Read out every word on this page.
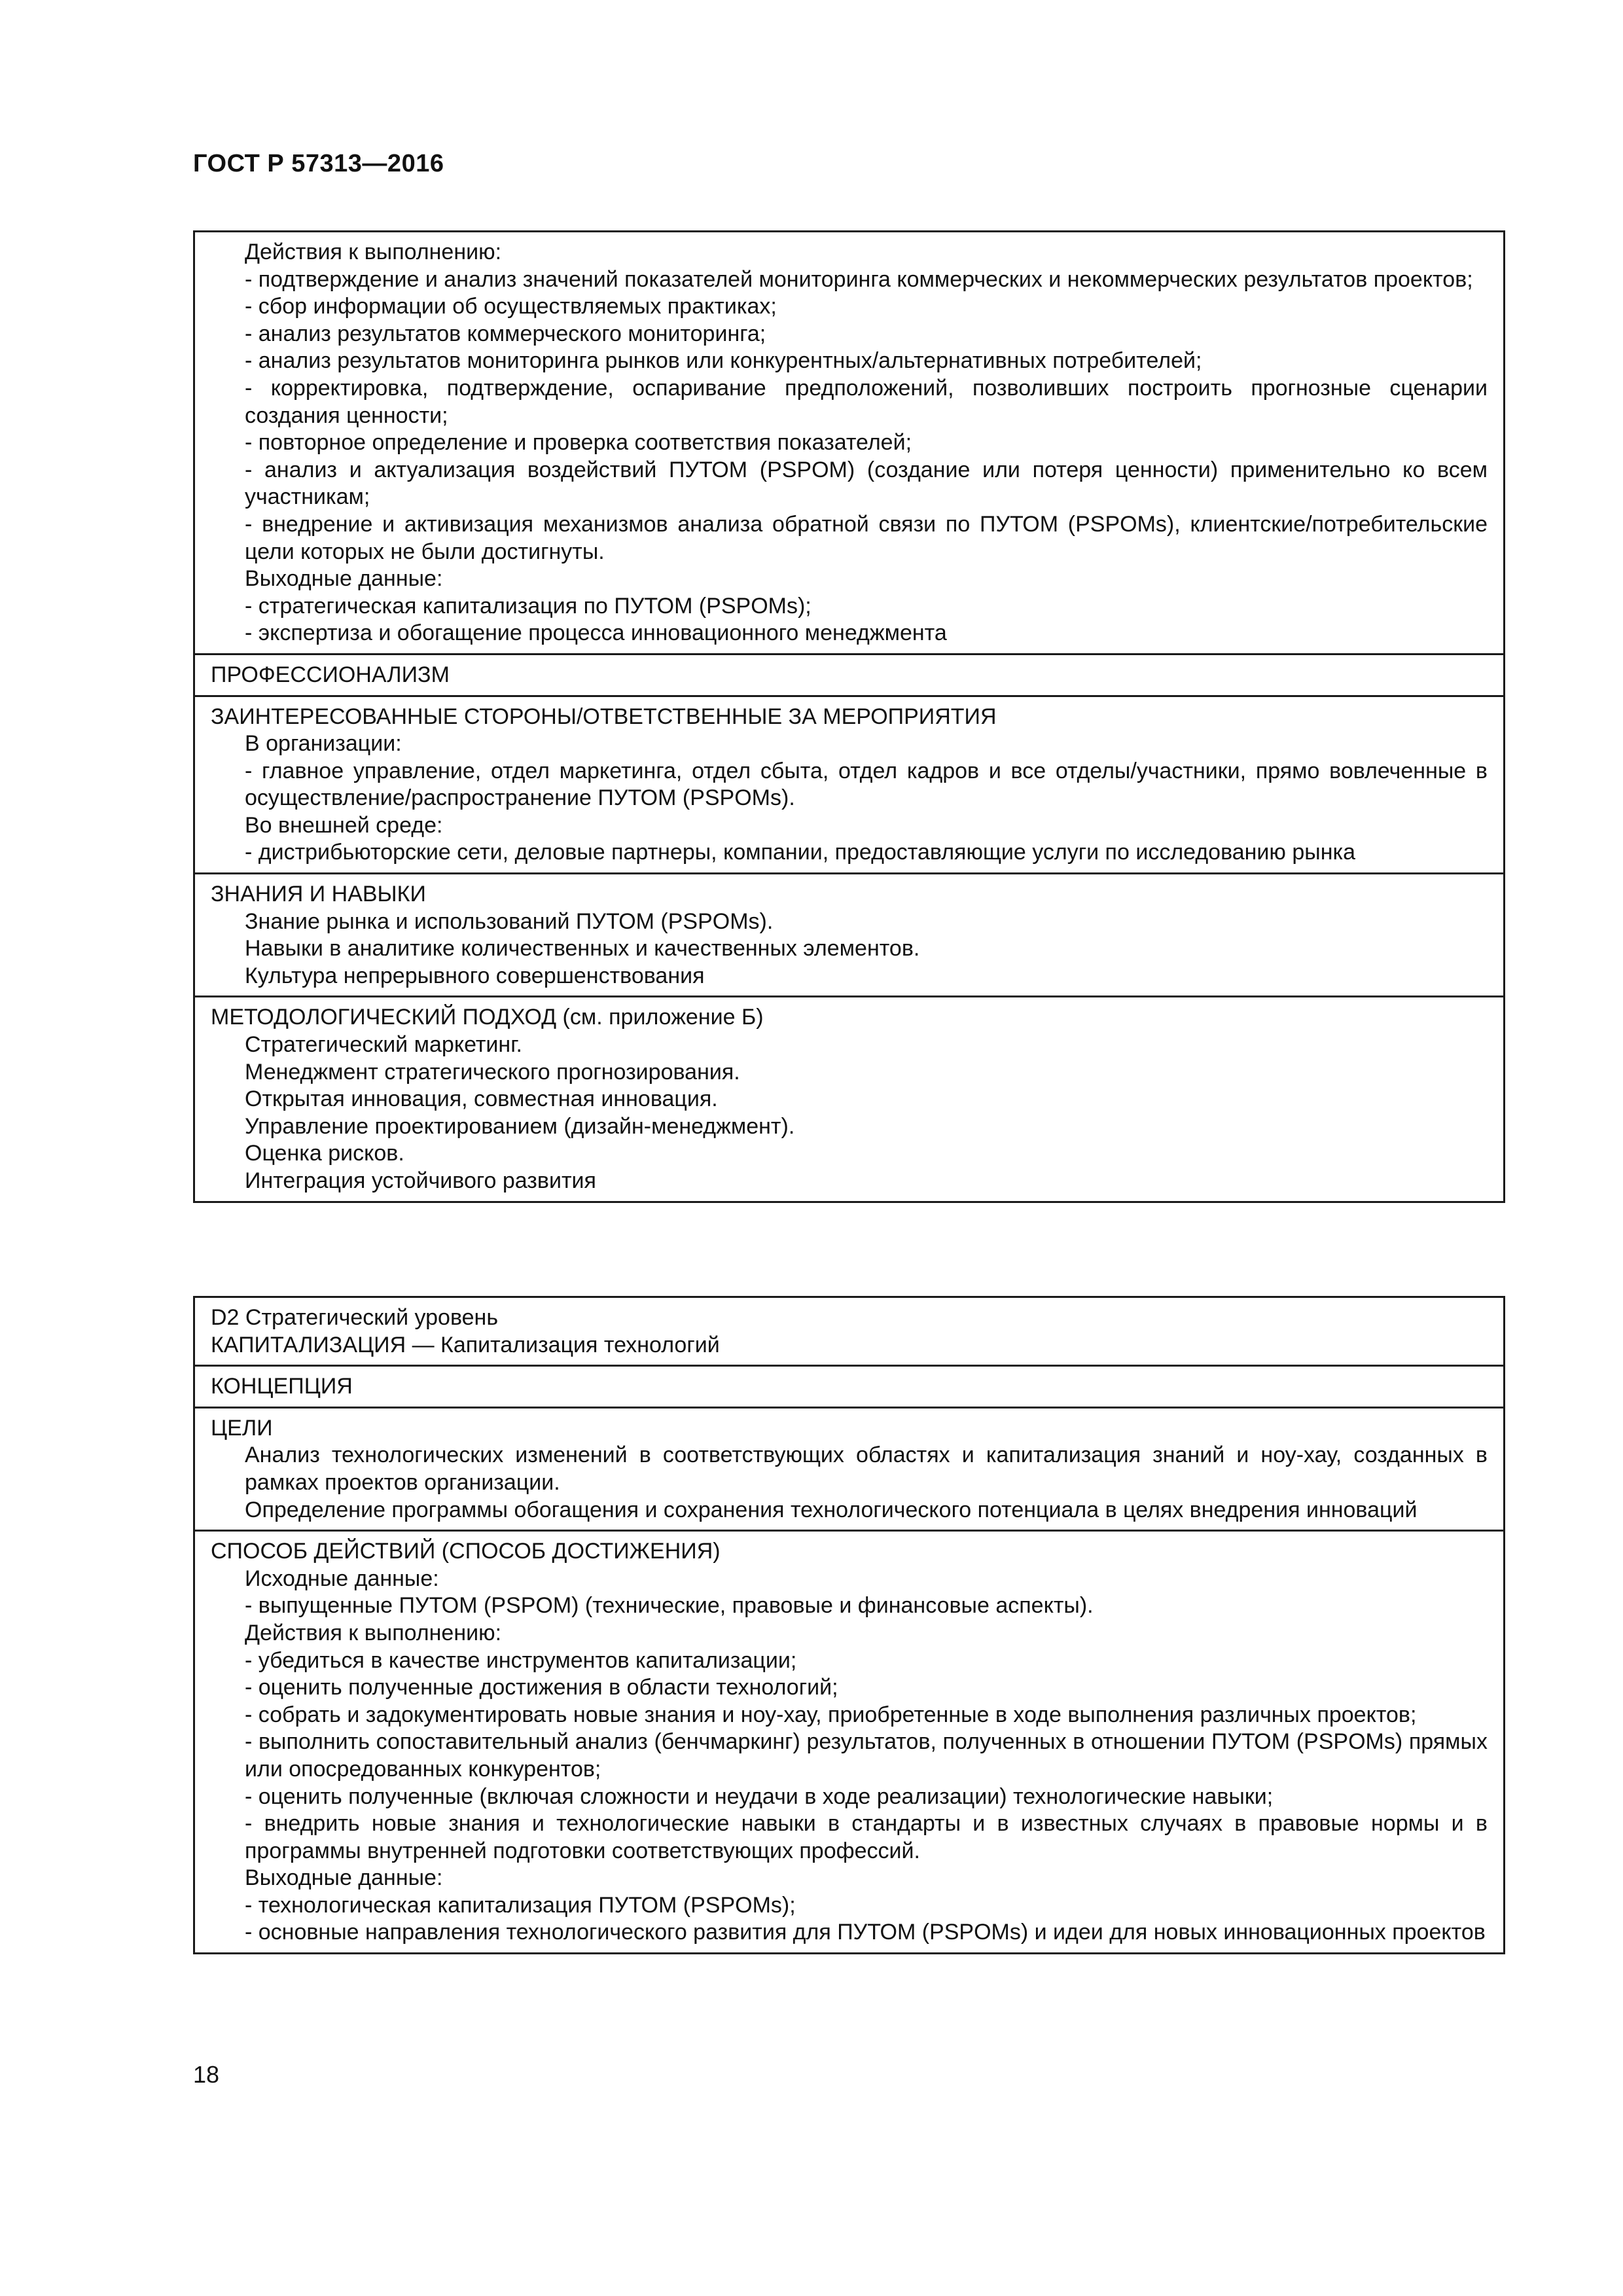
ГОСТ Р 57313—2016
Действия к выполнению:
- подтверждение и анализ значений показателей мониторинга коммерческих и некоммерческих результатов проектов;
- сбор информации об осуществляемых практиках;
- анализ результатов коммерческого мониторинга;
- анализ результатов мониторинга рынков или конкурентных/альтернативных потребителей;
- корректировка, подтверждение, оспаривание предположений, позволивших построить прогнозные сценарии создания ценности;
- повторное определение и проверка соответствия показателей;
- анализ и актуализация воздействий ПУТОМ (PSPOM) (создание или потеря ценности) применительно ко всем участникам;
- внедрение и активизация механизмов анализа обратной связи по ПУТОМ (PSPOMs), клиентские/потребительские цели которых не были достигнуты.
Выходные данные:
- стратегическая капитализация по ПУТОМ (PSPOMs);
- экспертиза и обогащение процесса инновационного менеджмента

ПРОФЕССИОНАЛИЗМ

ЗАИНТЕРЕСОВАННЫЕ СТОРОНЫ/ОТВЕТСТВЕННЫЕ ЗА МЕРОПРИЯТИЯ
В организации:
- главное управление, отдел маркетинга, отдел сбыта, отдел кадров и все отделы/участники, прямо вовлеченные в осуществление/распространение ПУТОМ (PSPOMs).
Во внешней среде:
- дистрибьюторские сети, деловые партнеры, компании, предоставляющие услуги по исследованию рынка

ЗНАНИЯ И НАВЫКИ
Знание рынка и использований ПУТОМ (PSPOMs).
Навыки в аналитике количественных и качественных элементов.
Культура непрерывного совершенствования

МЕТОДОЛОГИЧЕСКИЙ ПОДХОД (см. приложение Б)
Стратегический маркетинг.
Менеджмент стратегического прогнозирования.
Открытая инновация, совместная инновация.
Управление проектированием (дизайн-менеджмент).
Оценка рисков.
Интеграция устойчивого развития
D2 Стратегический уровень
КАПИТАЛИЗАЦИЯ — Капитализация технологий

КОНЦЕПЦИЯ

ЦЕЛИ
Анализ технологических изменений в соответствующих областях и капитализация знаний и ноу-хау, созданных в рамках проектов организации.
Определение программы обогащения и сохранения технологического потенциала в целях внедрения инноваций

СПОСОБ ДЕЙСТВИЙ (СПОСОБ ДОСТИЖЕНИЯ)
Исходные данные:
- выпущенные ПУТОМ (PSPOM) (технические, правовые и финансовые аспекты).
Действия к выполнению:
- убедиться в качестве инструментов капитализации;
- оценить полученные достижения в области технологий;
- собрать и задокументировать новые знания и ноу-хау, приобретенные в ходе выполнения различных проектов;
- выполнить сопоставительный анализ (бенчмаркинг) результатов, полученных в отношении ПУТОМ (PSPOMs) прямых или опосредованных конкурентов;
- оценить полученные (включая сложности и неудачи в ходе реализации) технологические навыки;
- внедрить новые знания и технологические навыки в стандарты и в известных случаях в правовые нормы и в программы внутренней подготовки соответствующих профессий.
Выходные данные:
- технологическая капитализация ПУТОМ (PSPOMs);
- основные направления технологического развития для ПУТОМ (PSPOMs) и идеи для новых инновационных проектов
18
